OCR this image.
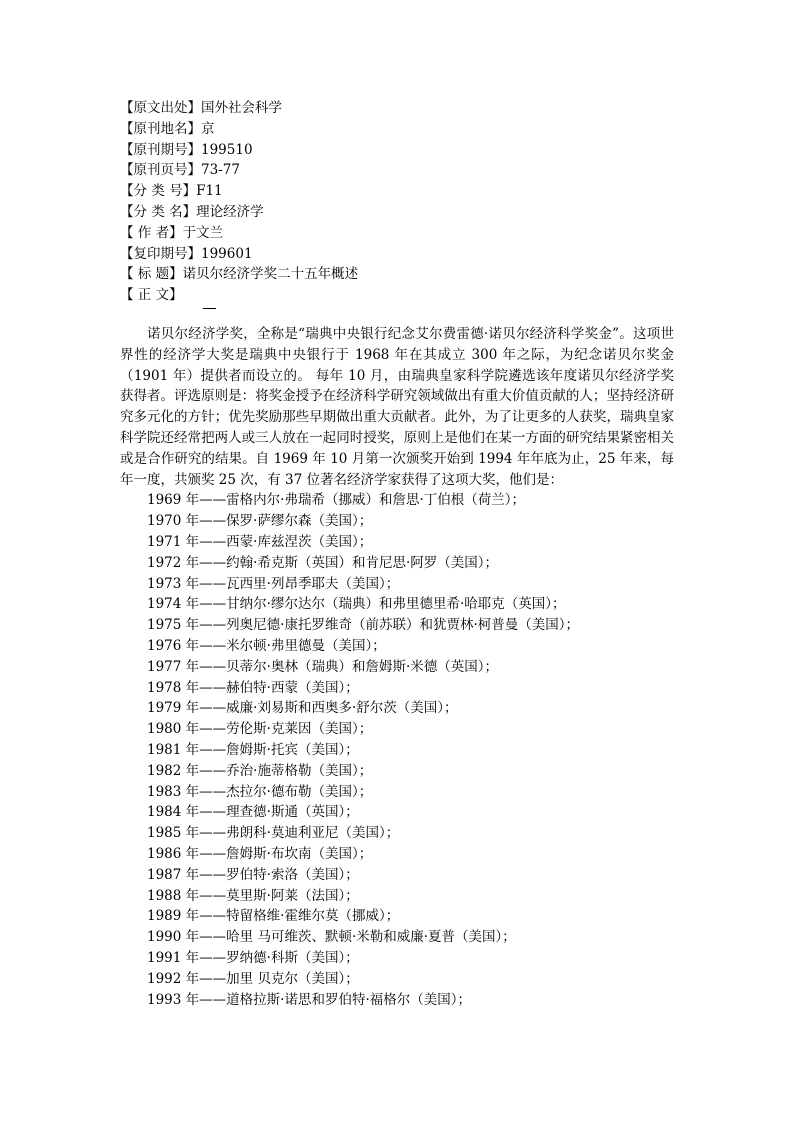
【原文出处】国外社会科学
【原刊地名】京
【原刊期号】199510
【原刊页号】73-77
【分 类 号】F11
【分 类 名】理论经济学
【 作 者】于文兰
【复印期号】199601
【 标 题】诺贝尔经济学奖二十五年概述
【 正 文】

诺贝尔经济学奖，全称是“瑞典中央银行纪念艾尔费雷德·诺贝尔经济科学奖金”。这项世界性的经济学大奖是瑞典中央银行于 1968 年在其成立 300 年之际，为纪念诺贝尔奖金（1901 年）提供者而设立的。 每年 10 月，由瑞典皇家科学院遴选该年度诺贝尔经济学奖获得者。评选原则是：将奖金授予在经济科学研究领域做出有重大价值贡献的人；坚持经济研究多元化的方针；优先奖励那些早期做出重大贡献者。此外，为了让更多的人获奖，瑞典皇家科学院还经常把两人或三人放在一起同时授奖，原则上是他们在某一方面的研究结果紧密相关或是合作研究的结果。自 1969 年 10 月第一次颁奖开始到 1994 年年底为止，25 年来，每年一度，共颁奖 25 次，有 37 位著名经济学家获得了这项大奖，他们是：

1969 年——雷格内尔·弗瑞希（挪威）和詹思·丁伯根（荷兰）；
1970 年——保罗·萨缪尔森（美国）；
1971 年——西蒙·库兹涅茨（美国）；
1972 年——约翰·希克斯（英国）和肯尼思·阿罗（美国）；
1973 年——瓦西里·列昂季耶夫（美国）；
1974 年——甘纳尔·缪尔达尔（瑞典）和弗里德里希·哈耶克（英国）；
1975 年——列奥尼德·康托罗维奇（前苏联）和犹贾林·柯普曼（美国）；
1976 年——米尔顿·弗里德曼（美国）；
1977 年——贝蒂尔·奥林（瑞典）和詹姆斯·米德（英国）；
1978 年——赫伯特·西蒙（美国）；
1979 年——威廉·刘易斯和西奥多·舒尔茨（美国）；
1980 年——劳伦斯·克莱因（美国）；
1981 年——詹姆斯·托宾（美国）；
1982 年——乔治·施蒂格勒（美国）；
1983 年——杰拉尔·德布勒（美国）；
1984 年——理查德·斯通（英国）；
1985 年——弗朗科·莫迪利亚尼（美国）；
1986 年——詹姆斯·布坎南（美国）；
1987 年——罗伯特·索洛（美国）；
1988 年——莫里斯·阿莱（法国）；
1989 年——特留格维·霍维尔莫（挪威）；
1990 年——哈里 马可维茨、默顿·米勒和威廉·夏普（美国）；
1991 年——罗纳德·科斯（美国）；
1992 年——加里 贝克尔（美国）；
1993 年——道格拉斯·诺思和罗伯特·福格尔（美国）；
